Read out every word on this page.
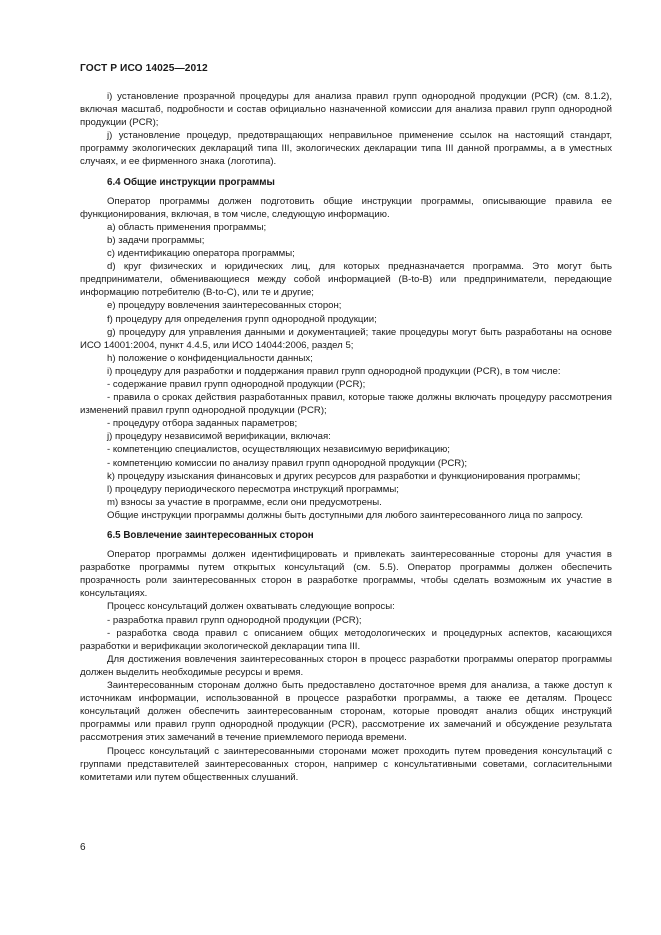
ГОСТ Р ИСО 14025—2012

i) установление прозрачной процедуры для анализа правил групп однородной продукции (PCR) (см. 8.1.2), включая масштаб, подробности и состав официально назначенной комиссии для анализа правил групп однородной продукции (PCR);

j) установление процедур, предотвращающих неправильное применение ссылок на настоящий стандарт, программу экологических деклараций типа III, экологических декларации типа III данной программы, а в уместных случаях, и ее фирменного знака (логотипа).

6.4 Общие инструкции программы

Оператор программы должен подготовить общие инструкции программы, описывающие правила ее функционирования, включая, в том числе, следующую информацию.

a) область применения программы;

b) задачи программы;

c) идентификацию оператора программы;

d) круг физических и юридических лиц, для которых предназначается программа. Это могут быть предприниматели, обменивающиеся между собой информацией (B-to-B) или предприниматели, передающие информацию потребителю (B-to-C), или те и другие;

e) процедуру вовлечения заинтересованных сторон;

f) процедуру для определения групп однородной продукции;

g) процедуру для управления данными и документацией; такие процедуры могут быть разработаны на основе ИСО 14001:2004, пункт 4.4.5, или ИСО 14044:2006, раздел 5;

h) положение о конфиденциальности данных;

i) процедуру для разработки и поддержания правил групп однородной продукции (PCR), в том числе:

- содержание правил групп однородной продукции (PCR);

- правила о сроках действия разработанных правил, которые также должны включать процедуру рассмотрения изменений правил групп однородной продукции (PCR);

- процедуру отбора заданных параметров;

j) процедуру независимой верификации, включая:

- компетенцию специалистов, осуществляющих независимую верификацию;

- компетенцию комиссии по анализу правил групп однородной продукции (PCR);

k) процедуру изыскания финансовых и других ресурсов для разработки и функционирования программы;

l) процедуру периодического пересмотра инструкций программы;

m) взносы за участие в программе, если они предусмотрены.

Общие инструкции программы должны быть доступными для любого заинтересованного лица по запросу.

6.5 Вовлечение заинтересованных сторон

Оператор программы должен идентифицировать и привлекать заинтересованные стороны для участия в разработке программы путем открытых консультаций (см. 5.5). Оператор программы должен обеспечить прозрачность роли заинтересованных сторон в разработке программы, чтобы сделать возможным их участие в консультациях.

Процесс консультаций должен охватывать следующие вопросы:

- разработка правил групп однородной продукции (PCR);

- разработка свода правил с описанием общих методологических и процедурных аспектов, касающихся разработки и верификации экологической декларации типа III.

Для достижения вовлечения заинтересованных сторон в процесс разработки программы оператор программы должен выделить необходимые ресурсы и время.

Заинтересованным сторонам должно быть предоставлено достаточное время для анализа, а также доступ к источникам информации, использованной в процессе разработки программы, а также ее деталям. Процесс консультаций должен обеспечить заинтересованным сторонам, которые проводят анализ общих инструкций программы или правил групп однородной продукции (PCR), рассмотрение их замечаний и обсуждение результата рассмотрения этих замечаний в течение приемлемого периода времени.

Процесс консультаций с заинтересованными сторонами может проходить путем проведения консультаций с группами представителей заинтересованных сторон, например с консультативными советами, согласительными комитетами или путем общественных слушаний.

6
